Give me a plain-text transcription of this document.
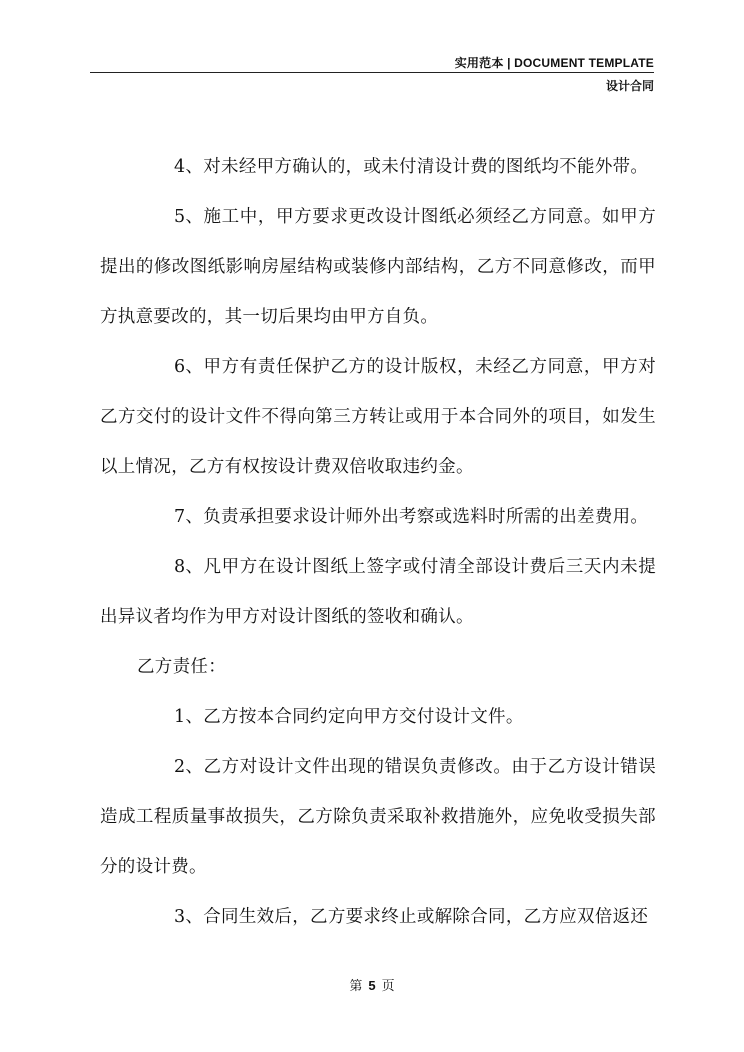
实用范本 | DOCUMENT TEMPLATE
设计合同

4、对未经甲方确认的，或未付清设计费的图纸均不能外带。

5、施工中，甲方要求更改设计图纸必须经乙方同意。如甲方提出的修改图纸影响房屋结构或装修内部结构，乙方不同意修改，而甲方执意要改的，其一切后果均由甲方自负。

6、甲方有责任保护乙方的设计版权，未经乙方同意，甲方对乙方交付的设计文件不得向第三方转让或用于本合同外的项目，如发生以上情况，乙方有权按设计费双倍收取违约金。

7、负责承担要求设计师外出考察或选料时所需的出差费用。

8、凡甲方在设计图纸上签字或付清全部设计费后三天内未提出异议者均作为甲方对设计图纸的签收和确认。

乙方责任：

1、乙方按本合同约定向甲方交付设计文件。

2、乙方对设计文件出现的错误负责修改。由于乙方设计错误造成工程质量事故损失，乙方除负责采取补救措施外，应免收受损失部分的设计费。

3、合同生效后，乙方要求终止或解除合同，乙方应双倍返还

第 5 页
